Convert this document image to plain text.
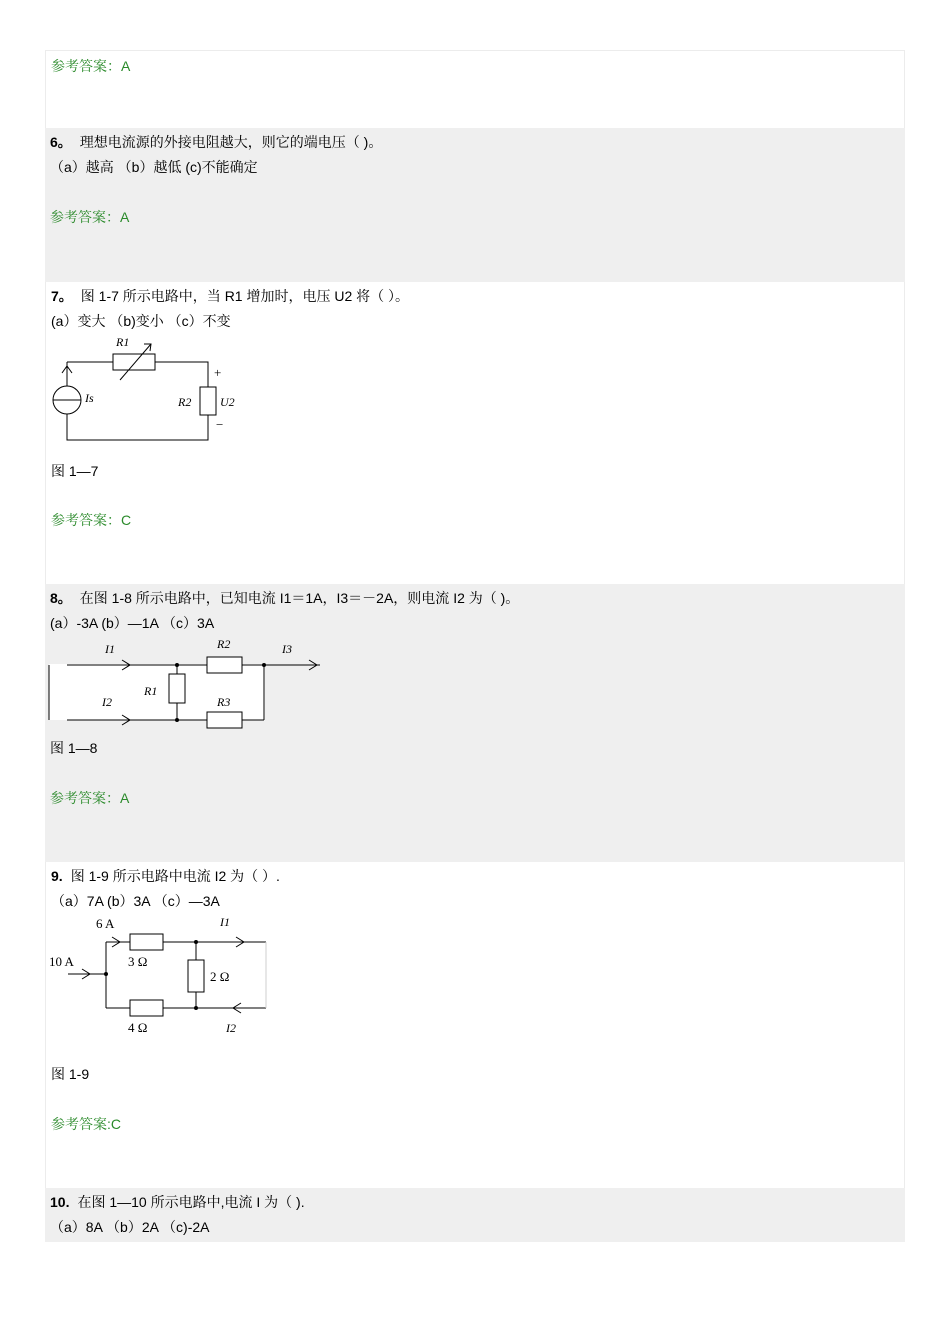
参考答案：A
6。 理想电流源的外接电阻越大，则它的端电压（ )。
（a）越高 （b）越低 (c)不能确定
参考答案：A
7。 图 1-7 所示电路中，当 R1 增加时，电压 U2 将（ ）。
(a）变大 （b)变小 （c）不变
R1
Is	R2 U2
+
−
图 1—7
参考答案：C
8。 在图 1-8 所示电路中，已知电流 I1＝1A，I3＝－2A，则电流 I2 为（ )。
(a）-3A (b）—1A （c）3A
I1
I2
I3
R1
R2
R3
图 1—8
参考答案：A
9. 图 1-9 所示电路中电流 I2 为（ ）.
（a）7A (b）3A （c）—3A
10 A
6 A
3 Ω
2 Ω
4 Ω
I1
I2
图 1-9
参考答案:C
10. 在图 1—10 所示电路中,电流 I 为（ ).
（a）8A （b）2A （c)-2A
